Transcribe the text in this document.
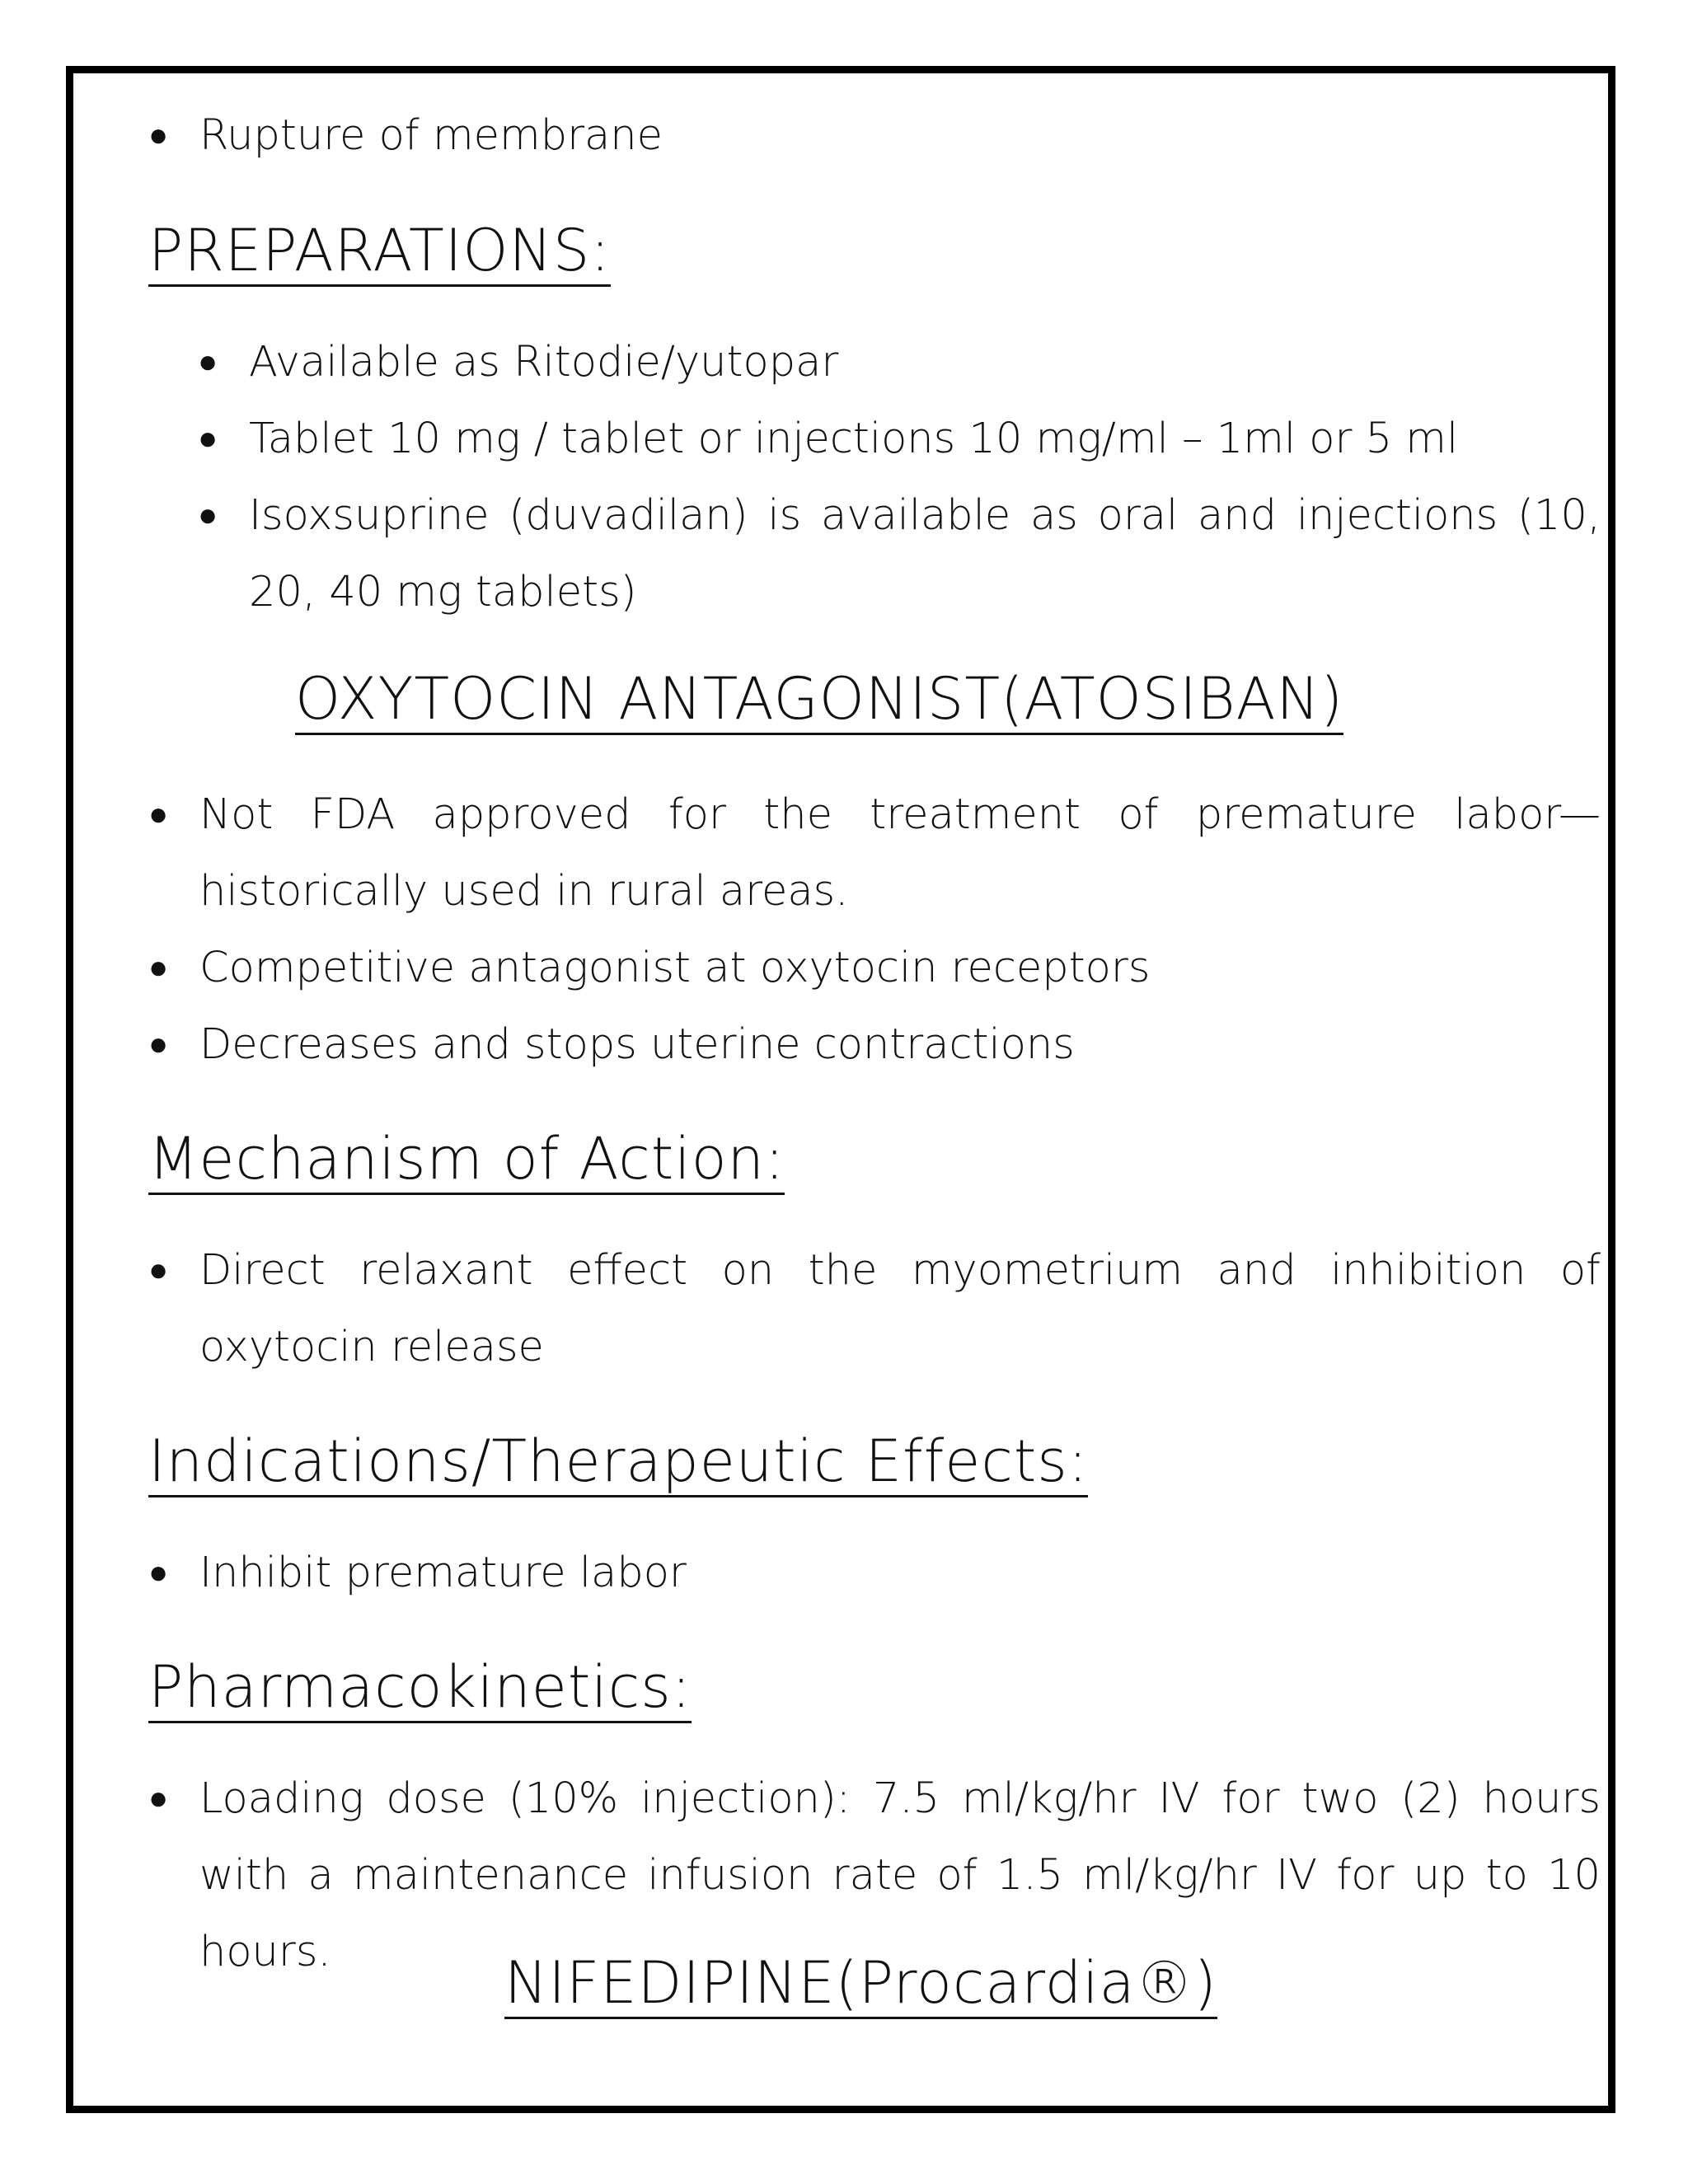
● Rupture of membrane
PREPARATIONS:
● Available as Ritodie/yutopar
● Tablet 10 mg / tablet or injections 10 mg/ml – 1ml or 5 ml
● Isoxsuprine (duvadilan) is available as oral and injections (10, 20, 40 mg tablets)
OXYTOCIN ANTAGONIST(ATOSIBAN)
● Not FDA approved for the treatment of premature labor— historically used in rural areas.
● Competitive antagonist at oxytocin receptors
● Decreases and stops uterine contractions
Mechanism of Action:
● Direct relaxant effect on the myometrium and inhibition of oxytocin release
Indications/Therapeutic Effects:
● Inhibit premature labor
Pharmacokinetics:
● Loading dose (10% injection): 7.5 ml/kg/hr IV for two (2) hours with a maintenance infusion rate of 1.5 ml/kg/hr IV for up to 10 hours.	NIFEDIPINE(Procardia®)
